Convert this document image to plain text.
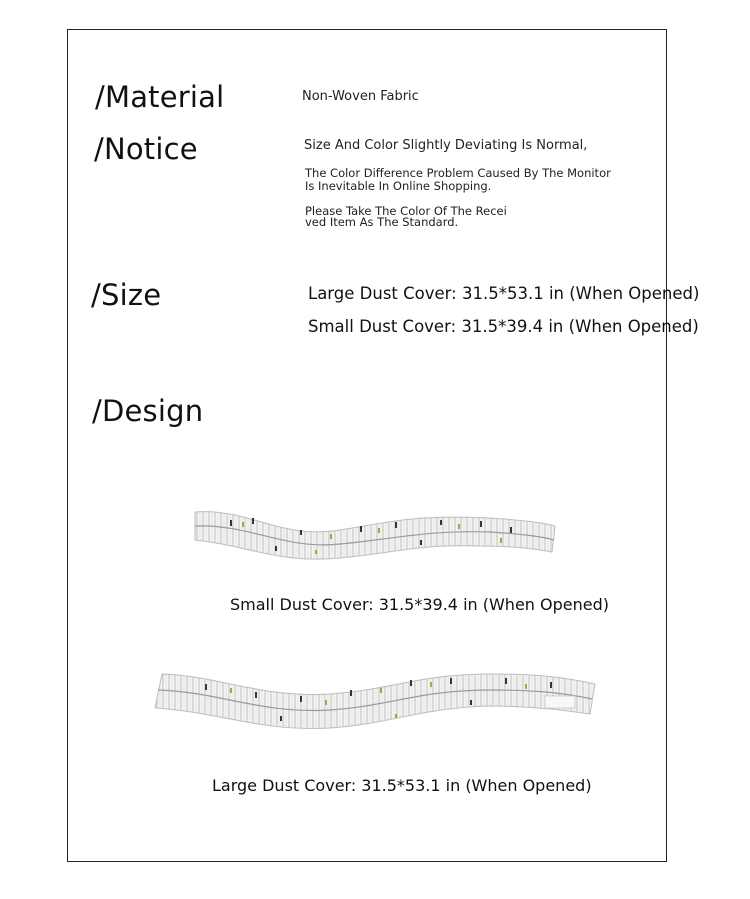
/Material	Non-Woven Fabric
/Notice	Size And Color Slightly Deviating Is Normal,
The Color Difference Problem Caused By The Monitor
Is Inevitable In Online Shopping.
Please Take The Color Of The Recei
ved Item As The Standard.
/Size	Large Dust Cover: 31.5*53.1 in (When Opened)
Small Dust Cover: 31.5*39.4 in (When Opened)
/Design
Small Dust Cover: 31.5*39.4 in (When Opened)
Large Dust Cover: 31.5*53.1 in (When Opened)
